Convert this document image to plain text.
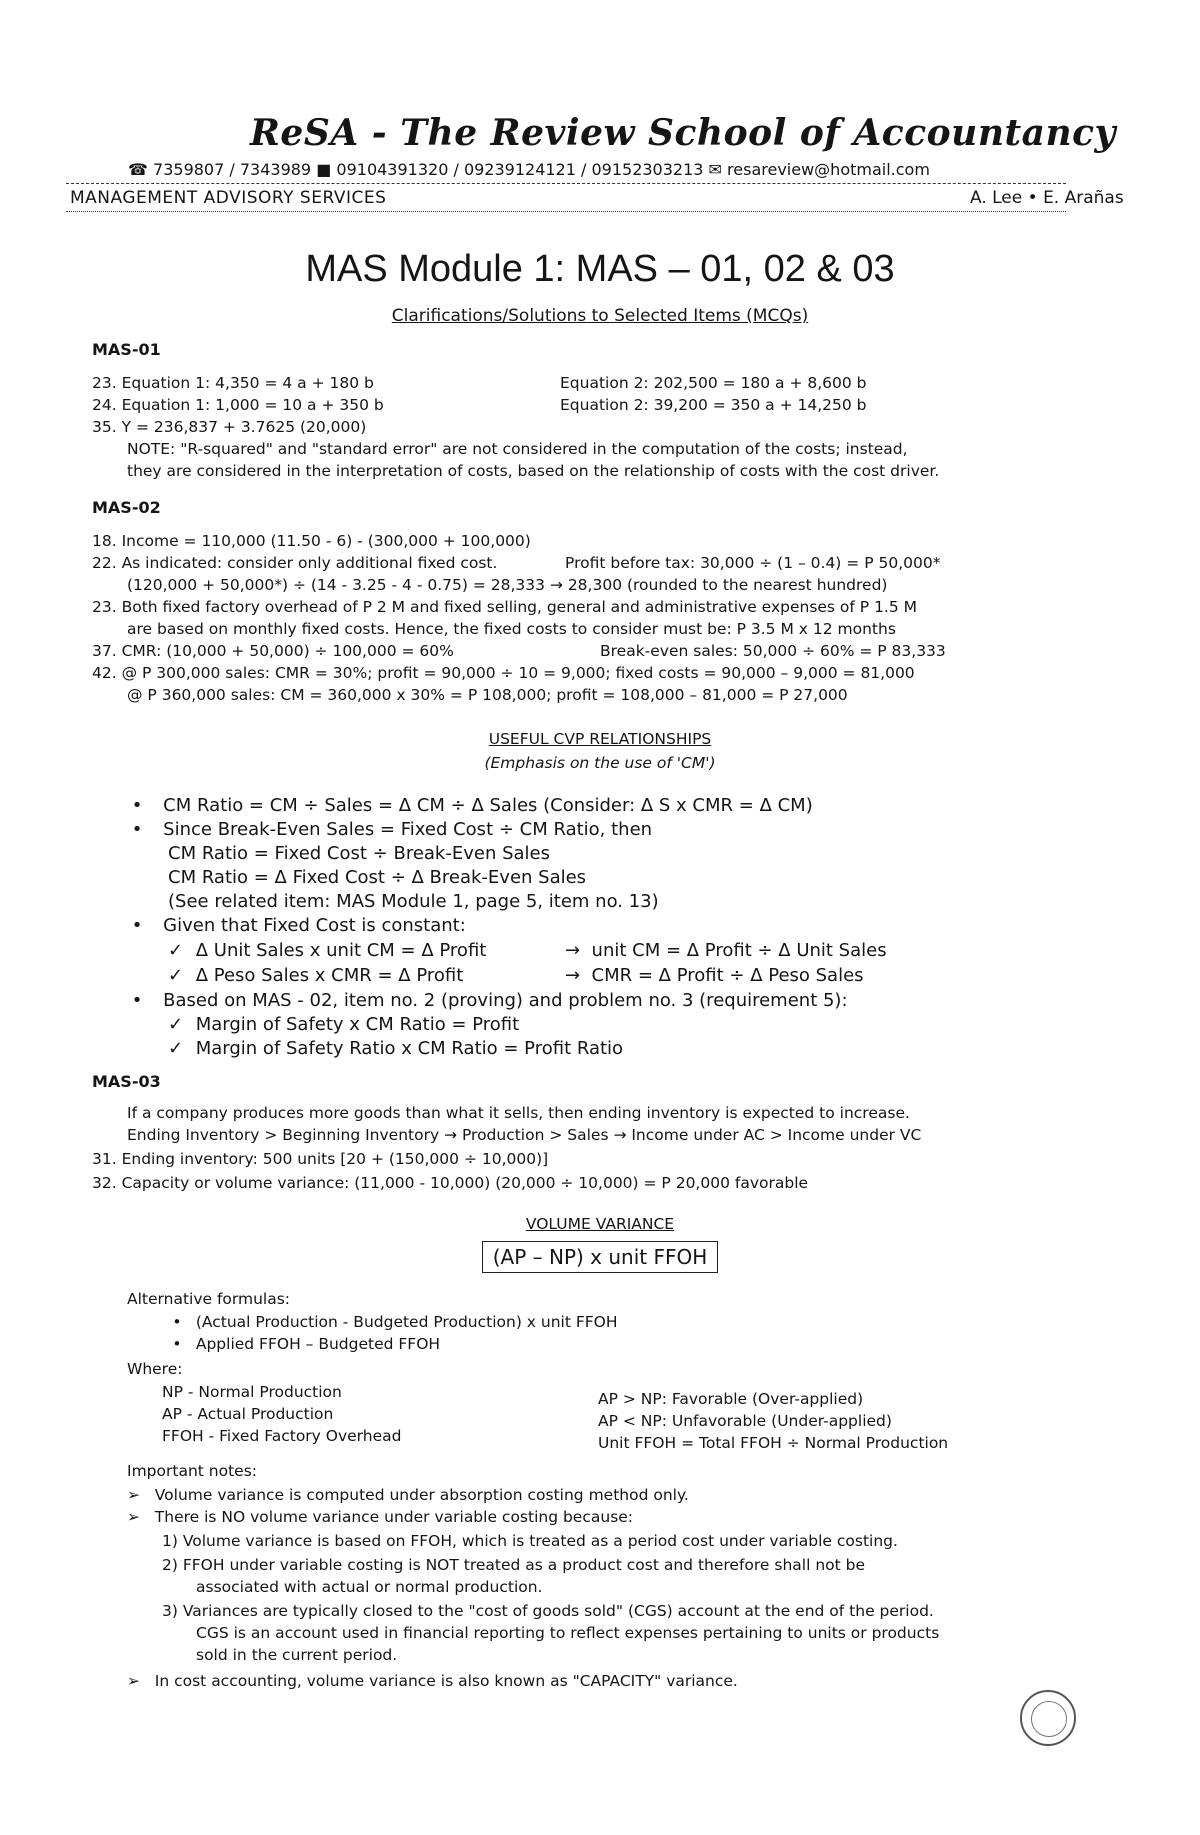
ReSA - The Review School of Accountancy
☎ 7359807 / 7343989 ■ 09104391320 / 09239124121 / 09152303213 ✉ resareview@hotmail.com
MANAGEMENT ADVISORY SERVICES	A. Lee • E. Arañas
MAS Module 1: MAS – 01, 02 & 03
Clarifications/Solutions to Selected Items (MCQs)
MAS-01
23. Equation 1: 4,350 = 4 a + 180 b	Equation 2: 202,500 = 180 a + 8,600 b
24. Equation 1: 1,000 = 10 a + 350 b	Equation 2: 39,200 = 350 a + 14,250 b
35. Y = 236,837 + 3.7625 (20,000)
NOTE: "R-squared" and "standard error" are not considered in the computation of the costs; instead,
they are considered in the interpretation of costs, based on the relationship of costs with the cost driver.
MAS-02
18. Income = 110,000 (11.50 - 6) - (300,000 + 100,000)
22. As indicated: consider only additional fixed cost.	Profit before tax: 30,000 ÷ (1 – 0.4) = P 50,000*
(120,000 + 50,000*) ÷ (14 - 3.25 - 4 - 0.75) = 28,333 → 28,300 (rounded to the nearest hundred)
23. Both fixed factory overhead of P 2 M and fixed selling, general and administrative expenses of P 1.5 M
are based on monthly fixed costs. Hence, the fixed costs to consider must be: P 3.5 M x 12 months
37. CMR: (10,000 + 50,000) ÷ 100,000 = 60%	Break-even sales: 50,000 ÷ 60% = P 83,333
42. @ P 300,000 sales: CMR = 30%; profit = 90,000 ÷ 10 = 9,000; fixed costs = 90,000 – 9,000 = 81,000
@ P 360,000 sales: CM = 360,000 x 30% = P 108,000; profit = 108,000 – 81,000 = P 27,000
USEFUL CVP RELATIONSHIPS
(Emphasis on the use of 'CM')
• CM Ratio = CM ÷ Sales = Δ CM ÷ Δ Sales (Consider: Δ S x CMR = Δ CM)
• Since Break-Even Sales = Fixed Cost ÷ CM Ratio, then
CM Ratio = Fixed Cost ÷ Break-Even Sales
CM Ratio = Δ Fixed Cost ÷ Δ Break-Even Sales
(See related item: MAS Module 1, page 5, item no. 13)
• Given that Fixed Cost is constant:
✓ Δ Unit Sales x unit CM = Δ Profit	→ unit CM = Δ Profit ÷ Δ Unit Sales
✓ Δ Peso Sales x CMR = Δ Profit	→ CMR = Δ Profit ÷ Δ Peso Sales
• Based on MAS - 02, item no. 2 (proving) and problem no. 3 (requirement 5):
✓ Margin of Safety x CM Ratio = Profit
✓ Margin of Safety Ratio x CM Ratio = Profit Ratio
MAS-03
If a company produces more goods than what it sells, then ending inventory is expected to increase.
Ending Inventory > Beginning Inventory → Production > Sales → Income under AC > Income under VC
31. Ending inventory: 500 units [20 + (150,000 ÷ 10,000)]
32. Capacity or volume variance: (11,000 - 10,000) (20,000 ÷ 10,000) = P 20,000 favorable
VOLUME VARIANCE
(AP – NP) x unit FFOH
Alternative formulas:
• (Actual Production - Budgeted Production) x unit FFOH
• Applied FFOH – Budgeted FFOH
Where:
NP - Normal Production
AP - Actual Production
FFOH - Fixed Factory Overhead
AP > NP: Favorable (Over-applied)
AP < NP: Unfavorable (Under-applied)
Unit FFOH = Total FFOH ÷ Normal Production
Important notes:
➢ Volume variance is computed under absorption costing method only.
➢ There is NO volume variance under variable costing because:
1) Volume variance is based on FFOH, which is treated as a period cost under variable costing.
2) FFOH under variable costing is NOT treated as a product cost and therefore shall not be
associated with actual or normal production.
3) Variances are typically closed to the "cost of goods sold" (CGS) account at the end of the period.
CGS is an account used in financial reporting to reflect expenses pertaining to units or products
sold in the current period.
➢ In cost accounting, volume variance is also known as "CAPACITY" variance.
